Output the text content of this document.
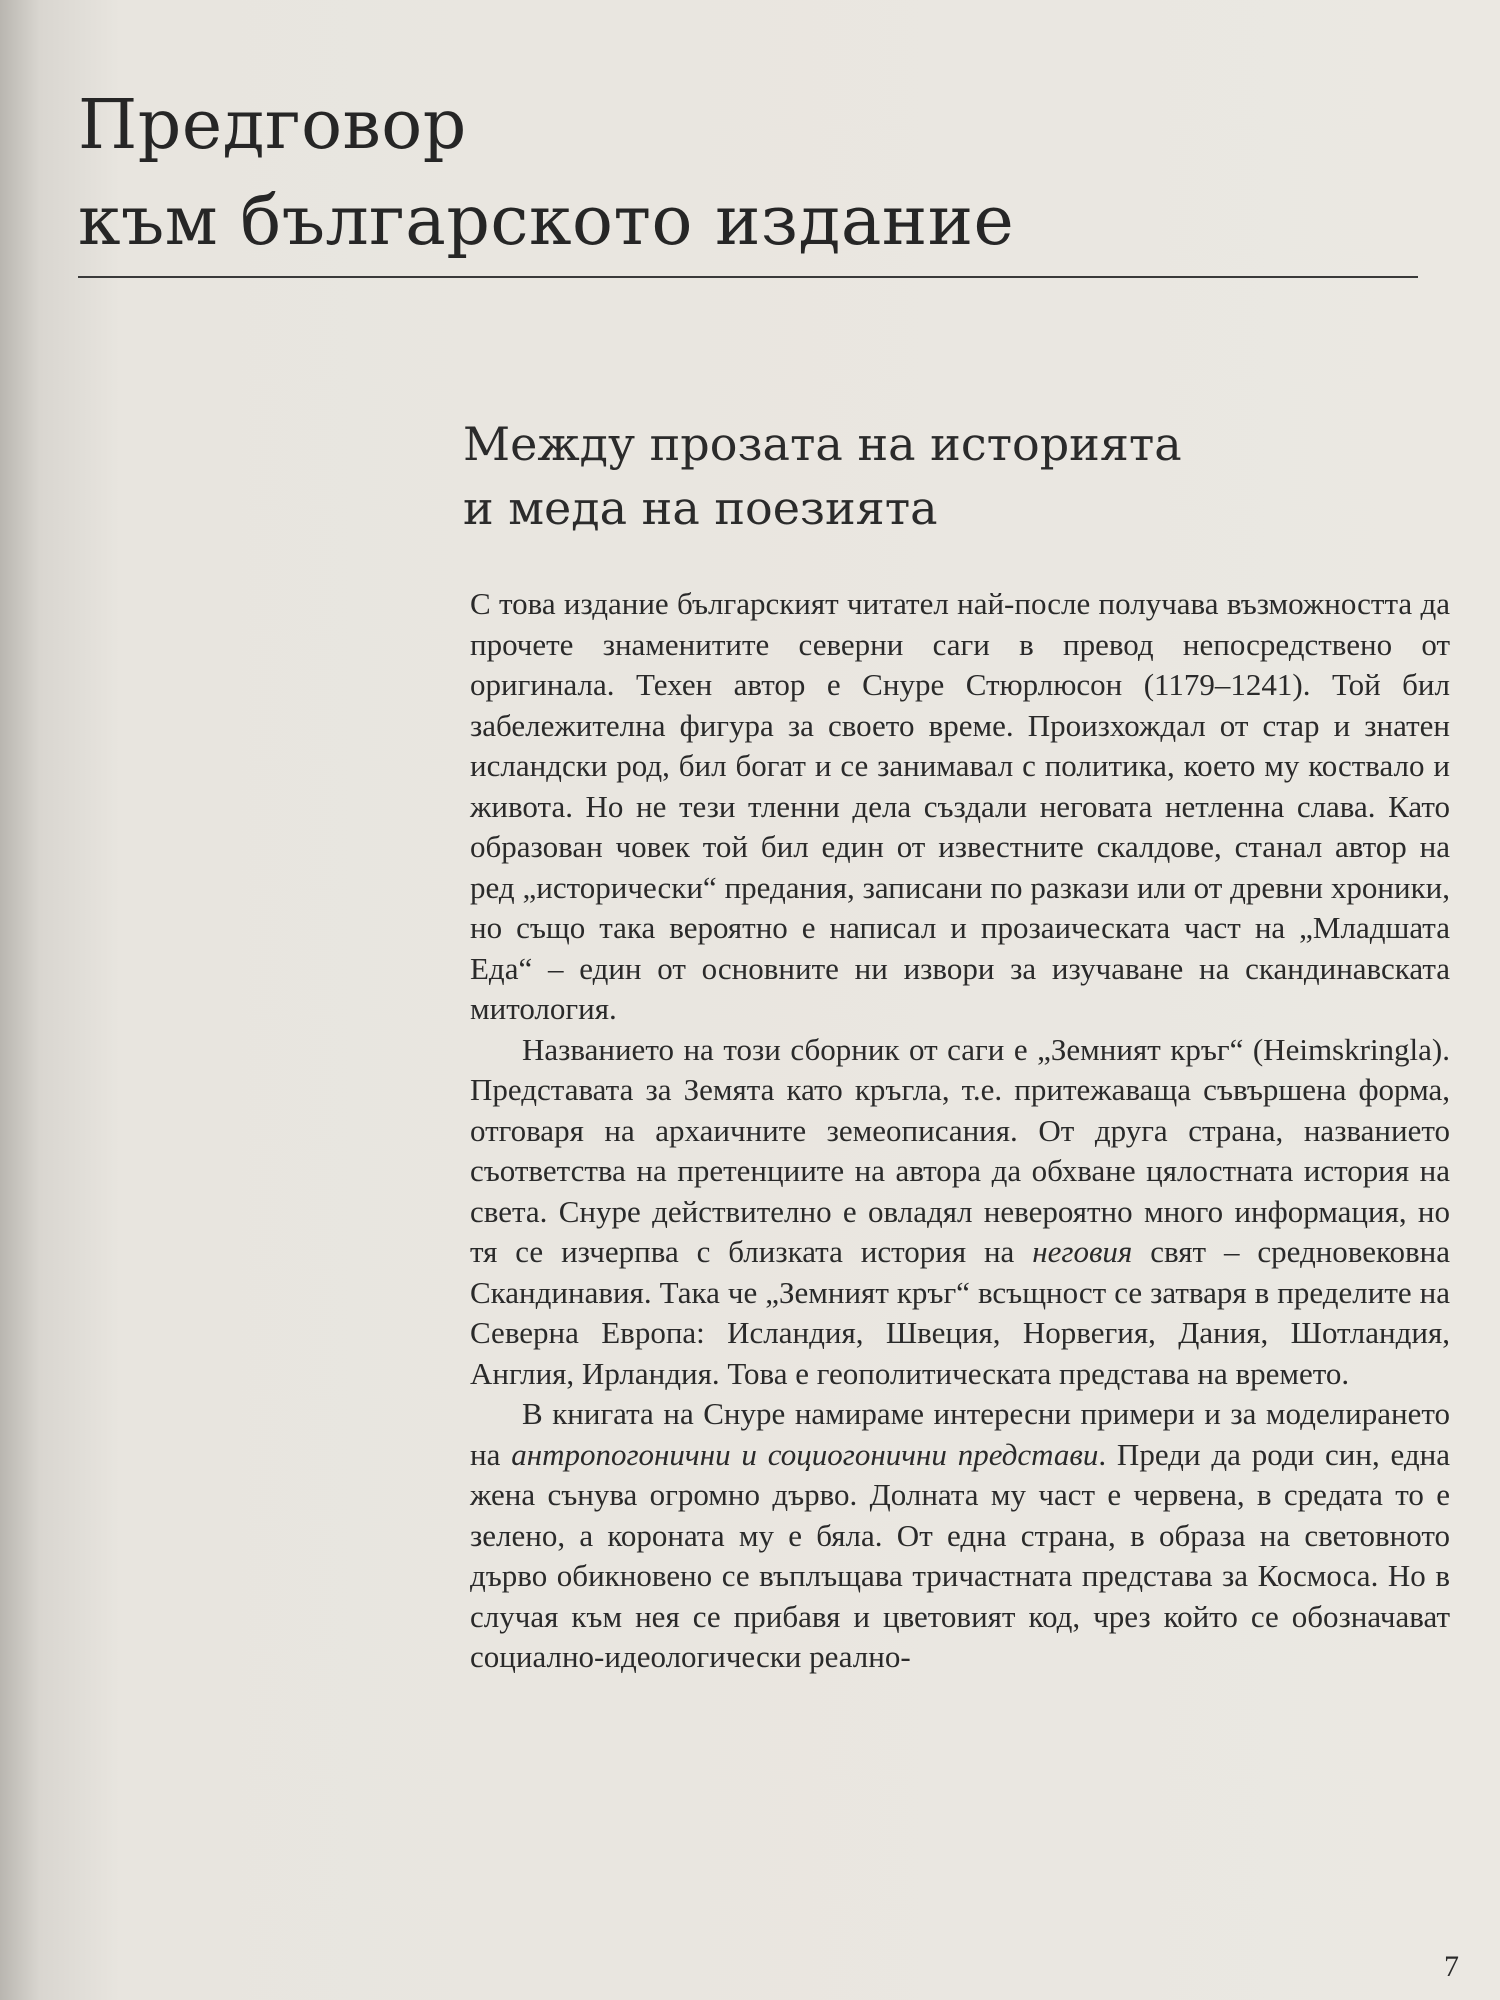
Предговор
към българското издание
Между прозата на историята
и меда на поезията

С това издание българският читател най-после получава възможността да прочете знаменитите северни саги в превод непосредствено от оригинала. Техен автор е Снуре Стюрлюсон (1179–1241). Той бил забележителна фигура за своето време. Произхождал от стар и знатен исландски род, бил богат и се занимавал с политика, което му коствало и живота. Но не тези тленни дела създали неговата нетленна слава. Като образован човек той бил един от известните скалдове, станал автор на ред „исторически“ предания, записани по разкази или от древни хроники, но също така вероятно е написал и прозаическата част на „Младшата Еда“ – един от основните ни извори за изучаване на скандинавската митология.

Названието на този сборник от саги е „Земният кръг“ (Heimskringla). Представата за Земята като кръгла, т.е. притежаваща съвършена форма, отговаря на архаичните земеописания. От друга страна, названието съответства на претенциите на автора да обхване цялостната история на света. Снуре действително е овладял невероятно много информация, но тя се изчерпва с близката история на неговия свят – средновековна Скандинавия. Така че „Земният кръг“ всъщност се затваря в пределите на Северна Европа: Исландия, Швеция, Норвегия, Дания, Шотландия, Англия, Ирландия. Това е геополитическата представа на времето.

В книгата на Снуре намираме интересни примери и за моделирането на антропогонични и социогонични представи. Преди да роди син, една жена сънува огромно дърво. Долната му част е червена, в средата то е зелено, а короната му е бяла. От една страна, в образа на световното дърво обикновено се въплъщава тричастната представа за Космоса. Но в случая към нея се прибавя и цветовият код, чрез който се обозначават социално-идеологически реално-

7
